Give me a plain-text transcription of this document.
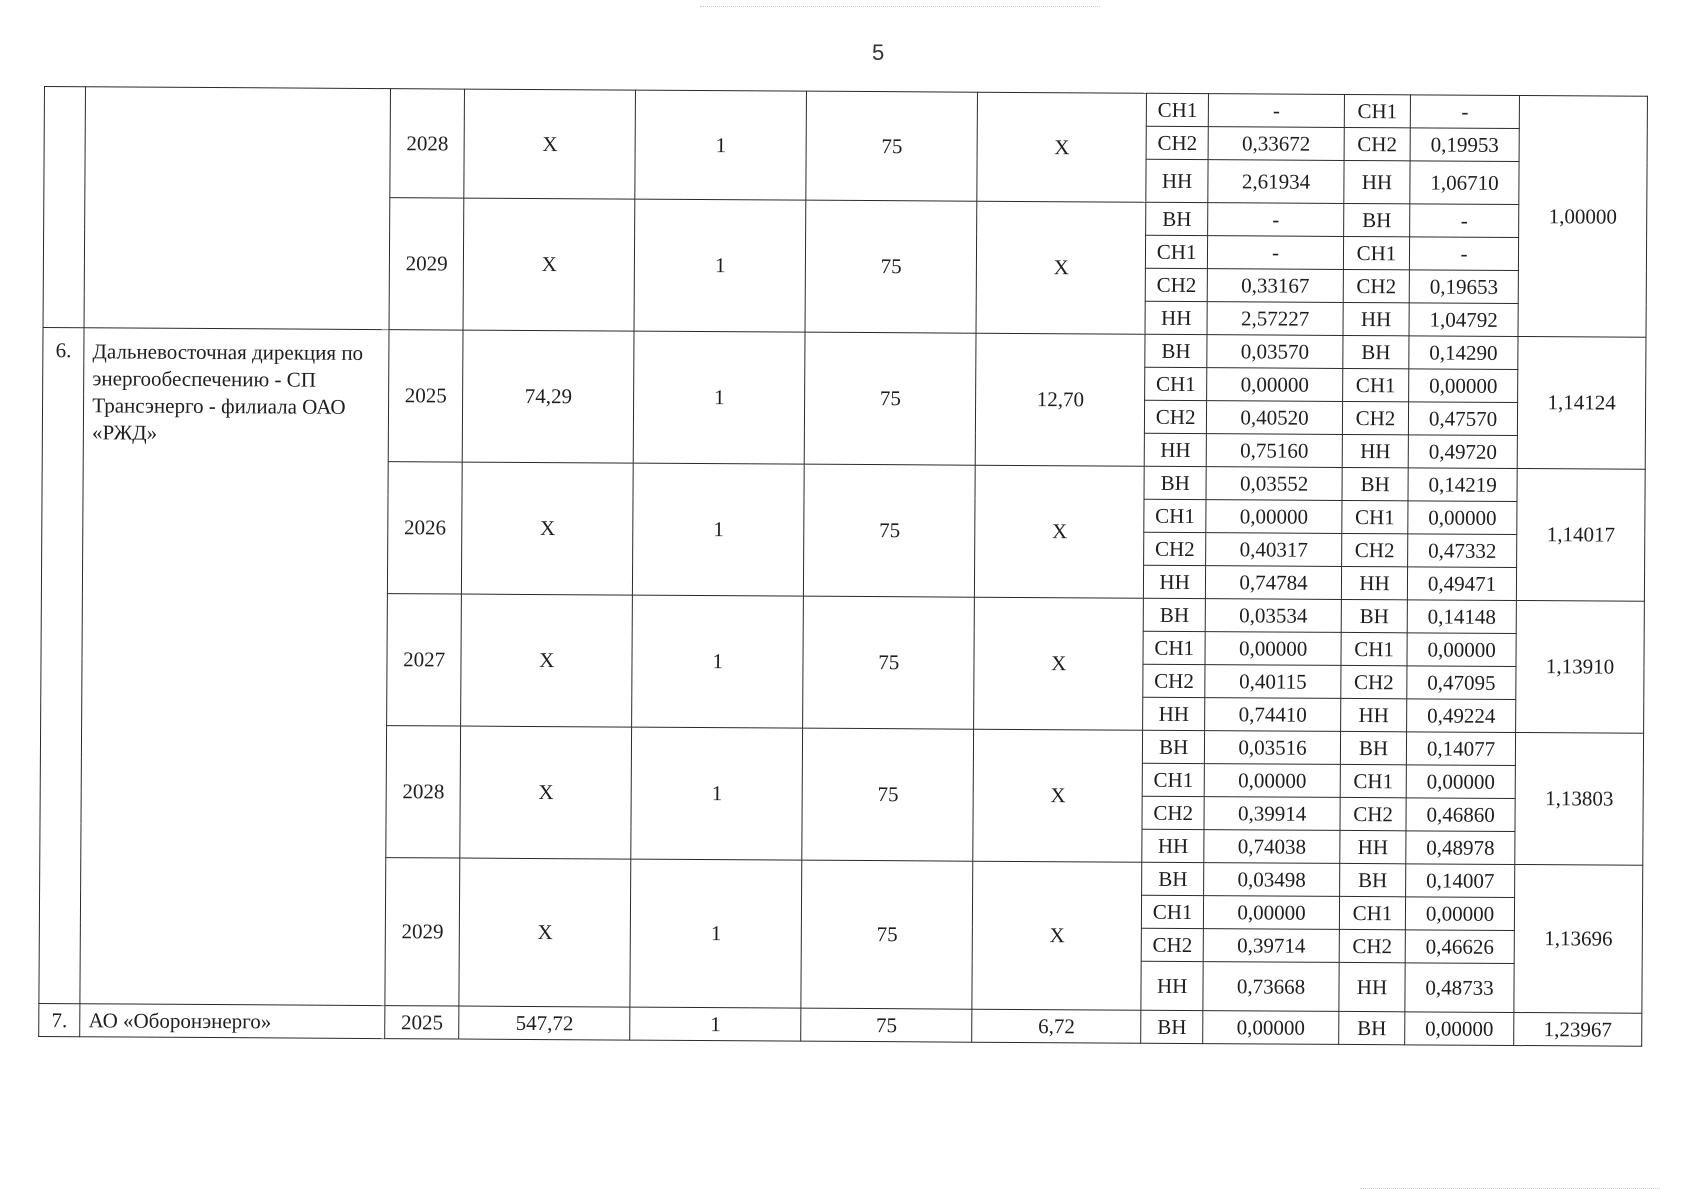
5
		2028	X	1	75	X	СН1	-	СН1	-	1,00000
							СН2	0,33672	СН2	0,19953	
							НН	2,61934	НН	1,06710	
		2029	X	1	75	X	ВН	-	ВН	-	
							СН1	-	СН1	-	
							СН2	0,33167	СН2	0,19653	
							НН	2,57227	НН	1,04792	
6.	Дальневосточная дирекция по энергообеспечению - СП Трансэнерго - филиала ОАО «РЖД»	2025	74,29	1	75	12,70	ВН	0,03570	ВН	0,14290	1,14124
							СН1	0,00000	СН1	0,00000	
							СН2	0,40520	СН2	0,47570	
							НН	0,75160	НН	0,49720	
		2026	X	1	75	X	ВН	0,03552	ВН	0,14219	1,14017
							СН1	0,00000	СН1	0,00000	
							СН2	0,40317	СН2	0,47332	
							НН	0,74784	НН	0,49471	
		2027	X	1	75	X	ВН	0,03534	ВН	0,14148	1,13910
							СН1	0,00000	СН1	0,00000	
							СН2	0,40115	СН2	0,47095	
							НН	0,74410	НН	0,49224	
		2028	X	1	75	X	ВН	0,03516	ВН	0,14077	1,13803
							СН1	0,00000	СН1	0,00000	
							СН2	0,39914	СН2	0,46860	
							НН	0,74038	НН	0,48978	
		2029	X	1	75	X	ВН	0,03498	ВН	0,14007	1,13696
							СН1	0,00000	СН1	0,00000	
							СН2	0,39714	СН2	0,46626	
							НН	0,73668	НН	0,48733	
7.	АО «Оборонэнерго»	2025	547,72	1	75	6,72	ВН	0,00000	ВН	0,00000	1,23967
